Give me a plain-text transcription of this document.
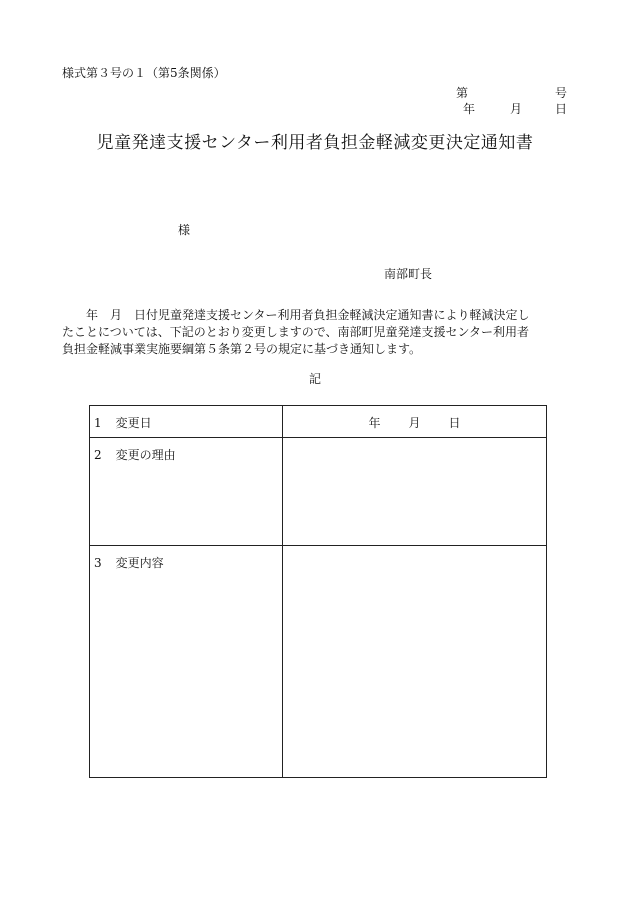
様式第３号の１（第5条関係）
第	号
年	月	日
児童発達支援センター利用者負担金軽減変更決定通知書
様
南部町長
　　年　月　日付児童発達支援センター利用者負担金軽減決定通知書により軽減決定し
たことについては、下記のとおり変更しますので、南部町児童発達支援センター利用者
負担金軽減事業実施要綱第５条第２号の規定に基づき通知します。
記
1 変更日	年 月 日
2 変更の理由	
3 変更内容	
